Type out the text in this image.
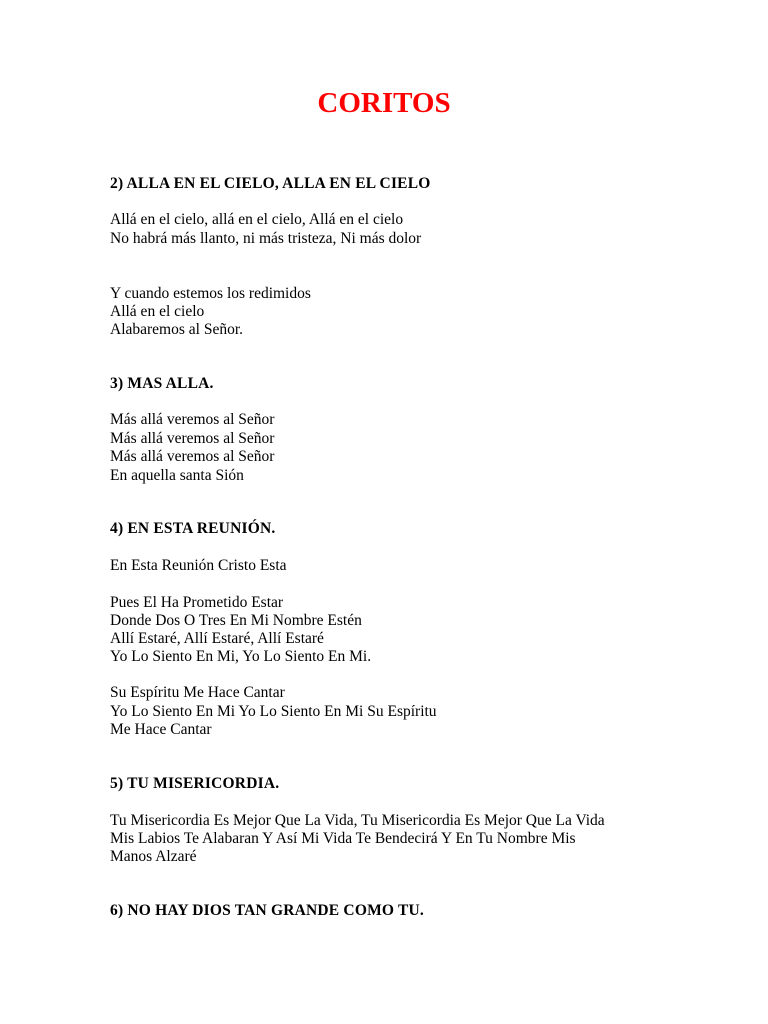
CORITOS

2) ALLA EN EL CIELO, ALLA EN EL CIELO

Allá en el cielo, allá en el cielo, Allá en el cielo

No habrá más llanto, ni más tristeza, Ni más dolor

Y cuando estemos los redimidos

Allá en el cielo

Alabaremos al Señor.

3) MAS ALLA.

Más allá veremos al Señor

Más allá veremos al Señor

Más allá veremos al Señor

En aquella santa Sión

4) EN ESTA REUNIÓN.

En Esta Reunión Cristo Esta

Pues El Ha Prometido Estar

Donde Dos O Tres En Mi Nombre Estén

Allí Estaré, Allí Estaré, Allí Estaré

Yo Lo Siento En Mi, Yo Lo Siento En Mi.

Su Espíritu Me Hace Cantar

Yo Lo Siento En Mi Yo Lo Siento En Mi Su Espíritu

Me Hace Cantar

5) TU MISERICORDIA.

Tu Misericordia Es Mejor Que La Vida, Tu Misericordia Es Mejor Que La Vida

Mis Labios Te Alabaran Y Así Mi Vida Te Bendecirá Y En Tu Nombre Mis

Manos Alzaré

6) NO HAY DIOS TAN GRANDE COMO TU.
